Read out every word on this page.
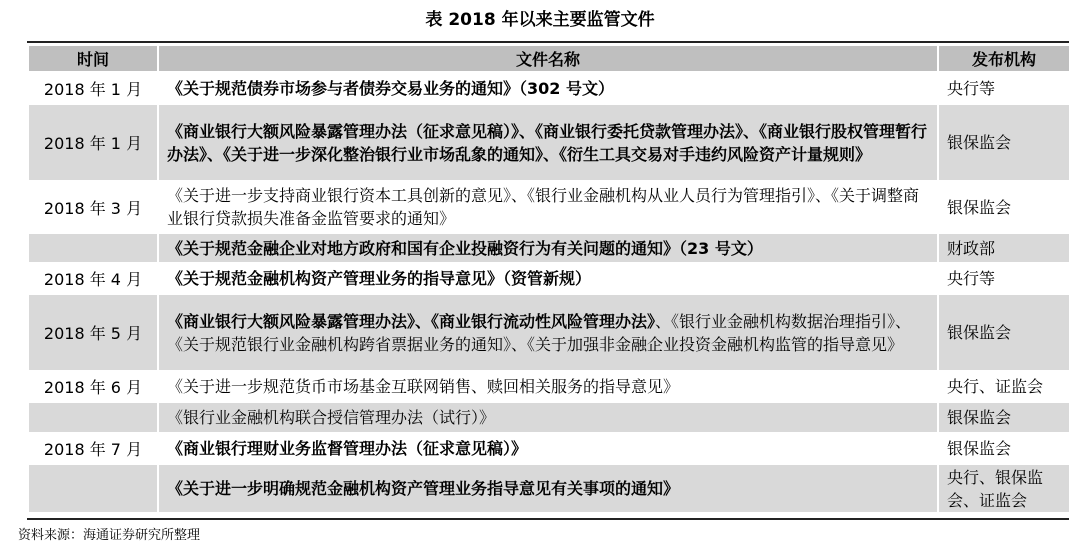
表 2018 年以来主要监管文件
时间	文件名称	发布机构
2018 年 1 月	《关于规范债券市场参与者债券交易业务的通知》（302 号文）	央行等
2018 年 1 月	《商业银行大额风险暴露管理办法（征求意见稿）》、《商业银行委托贷款管理办法》、《商业银行股权管理暂行办法》、《关于进一步深化整治银行业市场乱象的通知》、《衍生工具交易对手违约风险资产计量规则》	银保监会
2018 年 3 月	《关于进一步支持商业银行资本工具创新的意见》、《银行业金融机构从业人员行为管理指引》、《关于调整商业银行贷款损失准备金监管要求的通知》	银保监会
	《关于规范金融企业对地方政府和国有企业投融资行为有关问题的通知》（23 号文）	财政部
2018 年 4 月	《关于规范金融机构资产管理业务的指导意见》（资管新规）	央行等
2018 年 5 月	《商业银行大额风险暴露管理办法》、《商业银行流动性风险管理办法》、《银行业金融机构数据治理指引》、《关于规范银行业金融机构跨省票据业务的通知》、《关于加强非金融企业投资金融机构监管的指导意见》	银保监会
2018 年 6 月	《关于进一步规范货币市场基金互联网销售、赎回相关服务的指导意见》	央行、证监会
	《银行业金融机构联合授信管理办法（试行）》	银保监会
2018 年 7 月	《商业银行理财业务监督管理办法（征求意见稿）》	银保监会
	《关于进一步明确规范金融机构资产管理业务指导意见有关事项的通知》	央行、银保监会、证监会
资料来源：海通证券研究所整理
